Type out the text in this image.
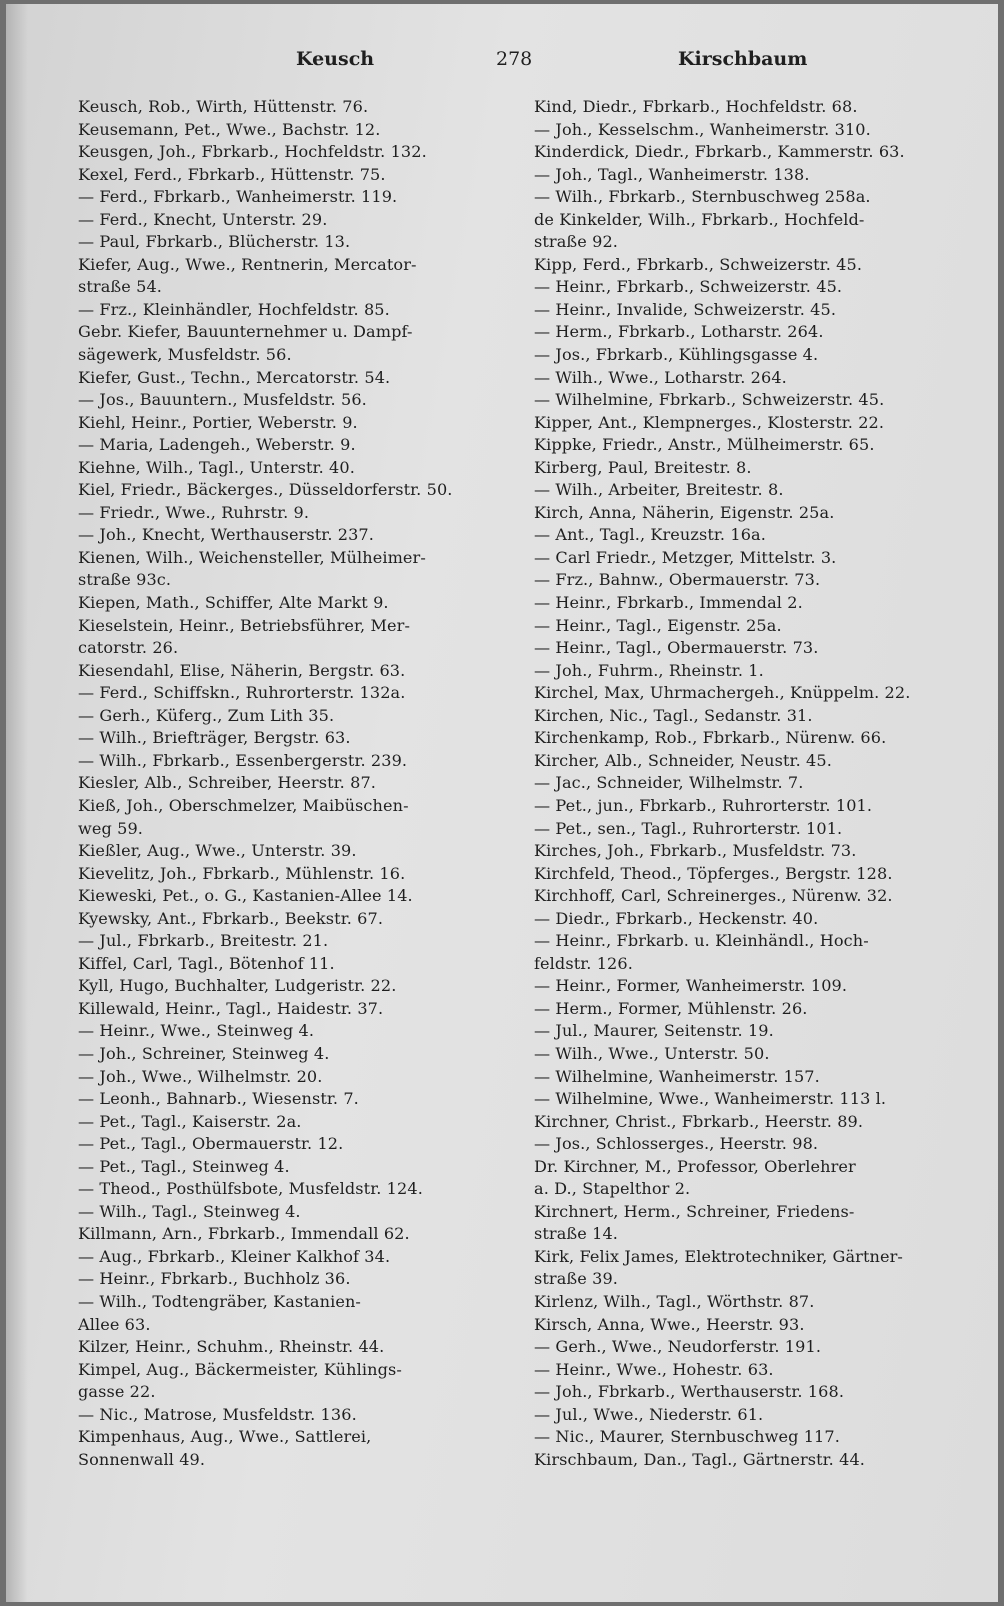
Keusch	278	Kirschbaum
Keusch, Rob., Wirth, Hüttenstr. 76.
Keusemann, Pet., Wwe., Bachstr. 12.
Keusgen, Joh., Fbrkarb., Hochfeldstr. 132.
Kexel, Ferd., Fbrkarb., Hüttenstr. 75.
— Ferd., Fbrkarb., Wanheimerstr. 119.
— Ferd., Knecht, Unterstr. 29.
— Paul, Fbrkarb., Blücherstr. 13.
Kiefer, Aug., Wwe., Rentnerin, Mercator-
straße 54.
— Frz., Kleinhändler, Hochfeldstr. 85.
Gebr. Kiefer, Bauunternehmer u. Dampf-
sägewerk, Musfeldstr. 56.
Kiefer, Gust., Techn., Mercatorstr. 54.
— Jos., Bauuntern., Musfeldstr. 56.
Kiehl, Heinr., Portier, Weberstr. 9.
— Maria, Ladengeh., Weberstr. 9.
Kiehne, Wilh., Tagl., Unterstr. 40.
Kiel, Friedr., Bäckerges., Düsseldorferstr. 50.
— Friedr., Wwe., Ruhrstr. 9.
— Joh., Knecht, Werthauserstr. 237.
Kienen, Wilh., Weichensteller, Mülheimer-
straße 93c.
Kiepen, Math., Schiffer, Alte Markt 9.
Kieselstein, Heinr., Betriebsführer, Mer-
catorstr. 26.
Kiesendahl, Elise, Näherin, Bergstr. 63.
— Ferd., Schiffskn., Ruhrorterstr. 132a.
— Gerh., Küferg., Zum Lith 35.
— Wilh., Briefträger, Bergstr. 63.
— Wilh., Fbrkarb., Essenbergerstr. 239.
Kiesler, Alb., Schreiber, Heerstr. 87.
Kieß, Joh., Oberschmelzer, Maibüschen-
weg 59.
Kießler, Aug., Wwe., Unterstr. 39.
Kievelitz, Joh., Fbrkarb., Mühlenstr. 16.
Kieweski, Pet., o. G., Kastanien-Allee 14.
Kyewsky, Ant., Fbrkarb., Beekstr. 67.
— Jul., Fbrkarb., Breitestr. 21.
Kiffel, Carl, Tagl., Bötenhof 11.
Kyll, Hugo, Buchhalter, Ludgeristr. 22.
Killewald, Heinr., Tagl., Haidestr. 37.
— Heinr., Wwe., Steinweg 4.
— Joh., Schreiner, Steinweg 4.
— Joh., Wwe., Wilhelmstr. 20.
— Leonh., Bahnarb., Wiesenstr. 7.
— Pet., Tagl., Kaiserstr. 2a.
— Pet., Tagl., Obermauerstr. 12.
— Pet., Tagl., Steinweg 4.
— Theod., Posthülfsbote, Musfeldstr. 124.
— Wilh., Tagl., Steinweg 4.
Killmann, Arn., Fbrkarb., Immendall 62.
— Aug., Fbrkarb., Kleiner Kalkhof 34.
— Heinr., Fbrkarb., Buchholz 36.
— Wilh., Todtengräber, Kastanien-
Allee 63.
Kilzer, Heinr., Schuhm., Rheinstr. 44.
Kimpel, Aug., Bäckermeister, Kühlings-
gasse 22.
— Nic., Matrose, Musfeldstr. 136.
Kimpenhaus, Aug., Wwe., Sattlerei,
Sonnenwall 49.
Kind, Diedr., Fbrkarb., Hochfeldstr. 68.
— Joh., Kesselschm., Wanheimerstr. 310.
Kinderdick, Diedr., Fbrkarb., Kammerstr. 63.
— Joh., Tagl., Wanheimerstr. 138.
— Wilh., Fbrkarb., Sternbuschweg 258a.
de Kinkelder, Wilh., Fbrkarb., Hochfeld-
straße 92.
Kipp, Ferd., Fbrkarb., Schweizerstr. 45.
— Heinr., Fbrkarb., Schweizerstr. 45.
— Heinr., Invalide, Schweizerstr. 45.
— Herm., Fbrkarb., Lotharstr. 264.
— Jos., Fbrkarb., Kühlingsgasse 4.
— Wilh., Wwe., Lotharstr. 264.
— Wilhelmine, Fbrkarb., Schweizerstr. 45.
Kipper, Ant., Klempnerges., Klosterstr. 22.
Kippke, Friedr., Anstr., Mülheimerstr. 65.
Kirberg, Paul, Breitestr. 8.
— Wilh., Arbeiter, Breitestr. 8.
Kirch, Anna, Näherin, Eigenstr. 25a.
— Ant., Tagl., Kreuzstr. 16a.
— Carl Friedr., Metzger, Mittelstr. 3.
— Frz., Bahnw., Obermauerstr. 73.
— Heinr., Fbrkarb., Immendal 2.
— Heinr., Tagl., Eigenstr. 25a.
— Heinr., Tagl., Obermauerstr. 73.
— Joh., Fuhrm., Rheinstr. 1.
Kirchel, Max, Uhrmachergeh., Knüppelm. 22.
Kirchen, Nic., Tagl., Sedanstr. 31.
Kirchenkamp, Rob., Fbrkarb., Nürenw. 66.
Kircher, Alb., Schneider, Neustr. 45.
— Jac., Schneider, Wilhelmstr. 7.
— Pet., jun., Fbrkarb., Ruhrorterstr. 101.
— Pet., sen., Tagl., Ruhrorterstr. 101.
Kirches, Joh., Fbrkarb., Musfeldstr. 73.
Kirchfeld, Theod., Töpferges., Bergstr. 128.
Kirchhoff, Carl, Schreinerges., Nürenw. 32.
— Diedr., Fbrkarb., Heckenstr. 40.
— Heinr., Fbrkarb. u. Kleinhändl., Hoch-
feldstr. 126.
— Heinr., Former, Wanheimerstr. 109.
— Herm., Former, Mühlenstr. 26.
— Jul., Maurer, Seitenstr. 19.
— Wilh., Wwe., Unterstr. 50.
— Wilhelmine, Wanheimerstr. 157.
— Wilhelmine, Wwe., Wanheimerstr. 113 l.
Kirchner, Christ., Fbrkarb., Heerstr. 89.
— Jos., Schlosserges., Heerstr. 98.
Dr. Kirchner, M., Professor, Oberlehrer
a. D., Stapelthor 2.
Kirchnert, Herm., Schreiner, Friedens-
straße 14.
Kirk, Felix James, Elektrotechniker, Gärtner-
straße 39.
Kirlenz, Wilh., Tagl., Wörthstr. 87.
Kirsch, Anna, Wwe., Heerstr. 93.
— Gerh., Wwe., Neudorferstr. 191.
— Heinr., Wwe., Hohestr. 63.
— Joh., Fbrkarb., Werthauserstr. 168.
— Jul., Wwe., Niederstr. 61.
— Nic., Maurer, Sternbuschweg 117.
Kirschbaum, Dan., Tagl., Gärtnerstr. 44.
